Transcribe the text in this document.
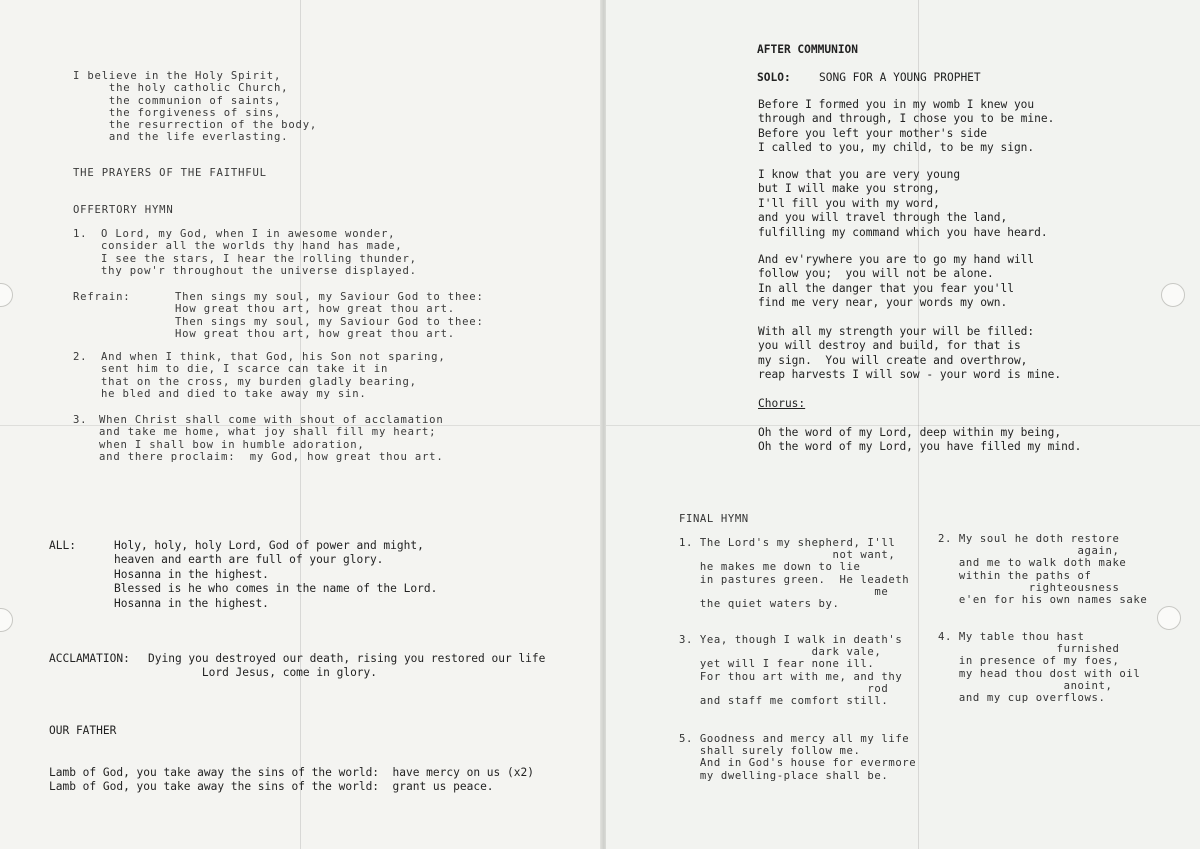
I believe in the Holy Spirit,
the holy catholic Church,
the communion of saints,
the forgiveness of sins,
the resurrection of the body,
and the life everlasting.

THE PRAYERS OF THE FAITHFUL

OFFERTORY HYMN

1. O Lord, my God, when I in awesome wonder,
consider all the worlds thy hand has made,
I see the stars, I hear the rolling thunder,
thy pow'r throughout the universe displayed.

Refrain:	Then sings my soul, my Saviour God to thee:
How great thou art, how great thou art.
Then sings my soul, my Saviour God to thee:
How great thou art, how great thou art.

2. And when I think, that God, his Son not sparing,
sent him to die, I scarce can take it in
that on the cross, my burden gladly bearing,
he bled and died to take away my sin.

3. When Christ shall come with shout of acclamation
and take me home, what joy shall fill my heart;
when I shall bow in humble adoration,
and there proclaim:  my God, how great thou art.

ALL:	Holy, holy, holy Lord, God of power and might,
heaven and earth are full of your glory.
Hosanna in the highest.
Blessed is he who comes in the name of the Lord.
Hosanna in the highest.

ACCLAMATION: Dying you destroyed our death, rising you restored our life
Lord Jesus, come in glory.

OUR FATHER

Lamb of God, you take away the sins of the world:  have mercy on us (x2)

Lamb of God, you take away the sins of the world:  grant us peace.

AFTER COMMUNION

SOLO:	SONG FOR A YOUNG PROPHET

Before I formed you in my womb I knew you
through and through, I chose you to be mine.
Before you left your mother's side
I called to you, my child, to be my sign.

I know that you are very young
but I will make you strong,
I'll fill you with my word,
and you will travel through the land,
fulfilling my command which you have heard.

And ev'rywhere you are to go my hand will
follow you;  you will not be alone.
In all the danger that you fear you'll
find me very near, your words my own.

With all my strength your will be filled:
you will destroy and build, for that is
my sign.  You will create and overthrow,
reap harvests I will sow - your word is mine.

Chorus:

Oh the word of my Lord, deep within my being,
Oh the word of my Lord, you have filled my mind.

FINAL HYMN

1. The Lord's my shepherd, I'll
not want,
he makes me down to lie
in pastures green.  He leadeth
me
the quiet waters by.

2. My soul he doth restore
again,
and me to walk doth make
within the paths of
righteousness
e'en for his own names sake

3. Yea, though I walk in death's
dark vale,
yet will I fear none ill.
For thou art with me, and thy
rod
and staff me comfort still.

4. My table thou hast
furnished
in presence of my foes,
my head thou dost with oil
anoint,
and my cup overflows.

5. Goodness and mercy all my life
shall surely follow me.
And in God's house for evermore
my dwelling-place shall be.
